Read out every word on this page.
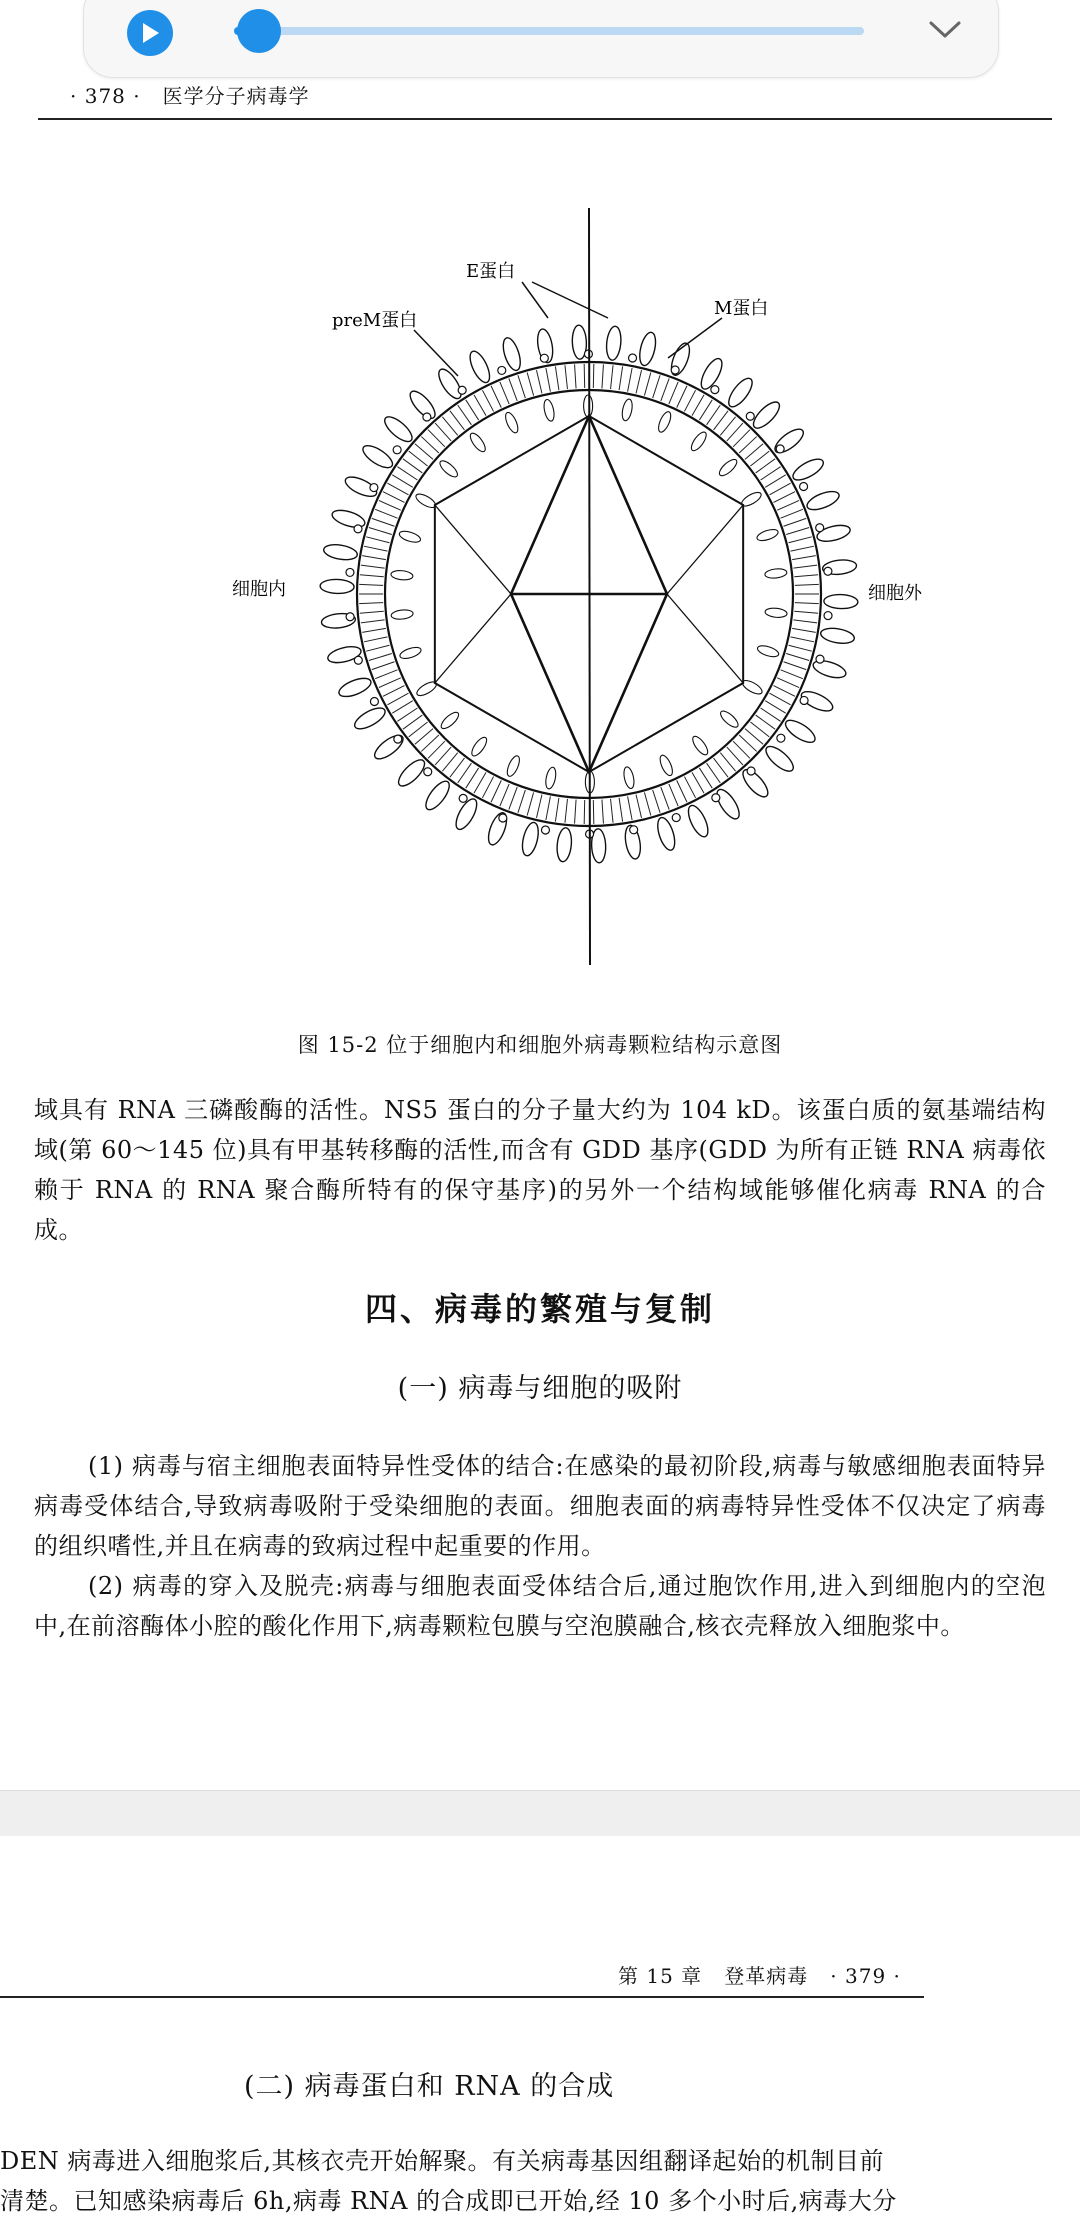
· 378 ·   医学分子病毒学
E蛋白
preM蛋白
M蛋白
细胞内	细胞外
图 15-2 位于细胞内和细胞外病毒颗粒结构示意图

域具有 RNA 三磷酸酶的活性。NS5 蛋白的分子量大约为 104 kD。该蛋白质的氨基端结构域(第 60～145 位)具有甲基转移酶的活性,而含有 GDD 基序(GDD 为所有正链 RNA 病毒依赖于 RNA 的 RNA 聚合酶所特有的保守基序)的另外一个结构域能够催化病毒 RNA 的合成。

四、病毒的繁殖与复制
(一) 病毒与细胞的吸附

(1) 病毒与宿主细胞表面特异性受体的结合:在感染的最初阶段,病毒与敏感细胞表面特异病毒受体结合,导致病毒吸附于受染细胞的表面。细胞表面的病毒特异性受体不仅决定了病毒的组织嗜性,并且在病毒的致病过程中起重要的作用。

(2) 病毒的穿入及脱壳:病毒与细胞表面受体结合后,通过胞饮作用,进入到细胞内的空泡中,在前溶酶体小腔的酸化作用下,病毒颗粒包膜与空泡膜融合,核衣壳释放入细胞浆中。

第 15 章   登革病毒   · 379 ·
(二) 病毒蛋白和 RNA 的合成
DEN 病毒进入细胞浆后,其核衣壳开始解聚。有关病毒基因组翻译起始的机制目前
清楚。已知感染病毒后 6h,病毒 RNA 的合成即已开始,经 10 多个小时后,病毒大分
